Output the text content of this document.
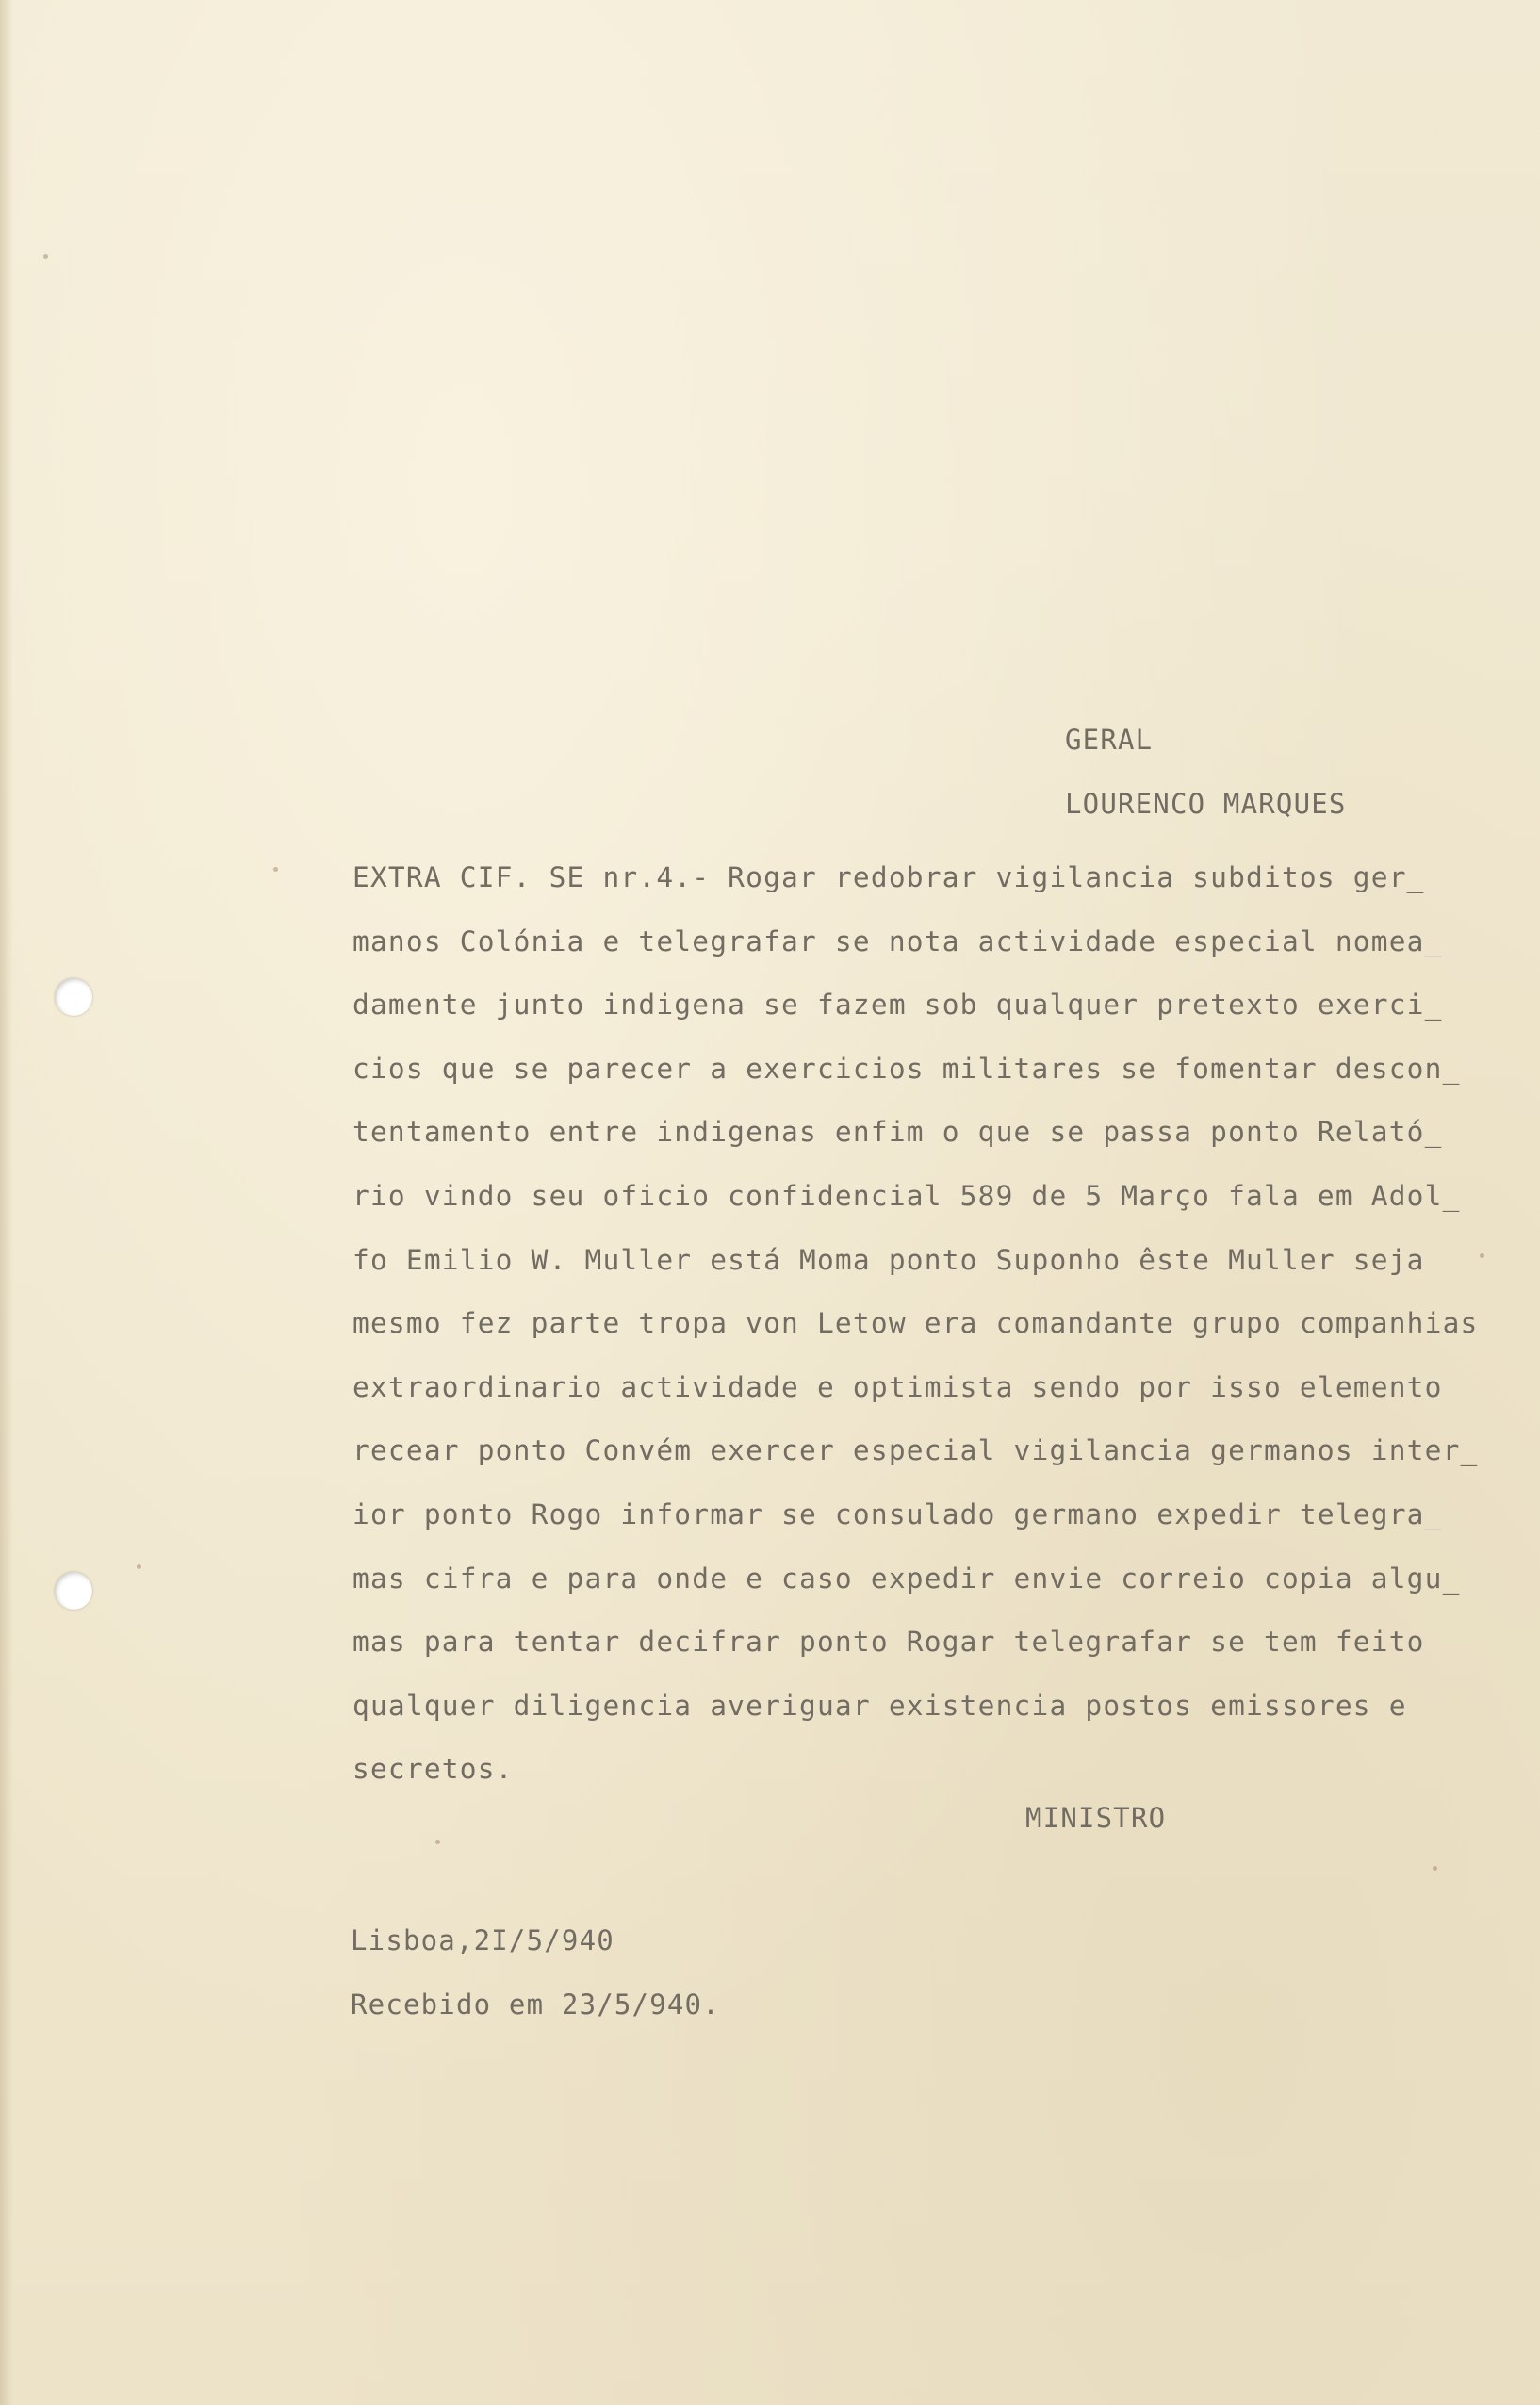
GERAL
LOURENCO MARQUES
EXTRA CIF. SE nr.4.- Rogar redobrar vigilancia subditos ger_
manos Colónia e telegrafar se nota actividade especial nomea_
damente junto indigena se fazem sob qualquer pretexto exerci_
cios que se parecer a exercicios militares se fomentar descon_
tentamento entre indigenas enfim o que se passa ponto Relató_
rio vindo seu oficio confidencial 589 de 5 Março fala em Adol_
fo Emilio W. Muller está Moma ponto Suponho êste Muller seja
mesmo fez parte tropa von Letow era comandante grupo companhias
extraordinario actividade e optimista sendo por isso elemento
recear ponto Convém exercer especial vigilancia germanos inter_
ior ponto Rogo informar se consulado germano expedir telegra_
mas cifra e para onde e caso expedir envie correio copia algu_
mas para tentar decifrar ponto Rogar telegrafar se tem feito
qualquer diligencia averiguar existencia postos emissores e
secretos.
MINISTRO
Lisboa,2I/5/940
Recebido em 23/5/940.
